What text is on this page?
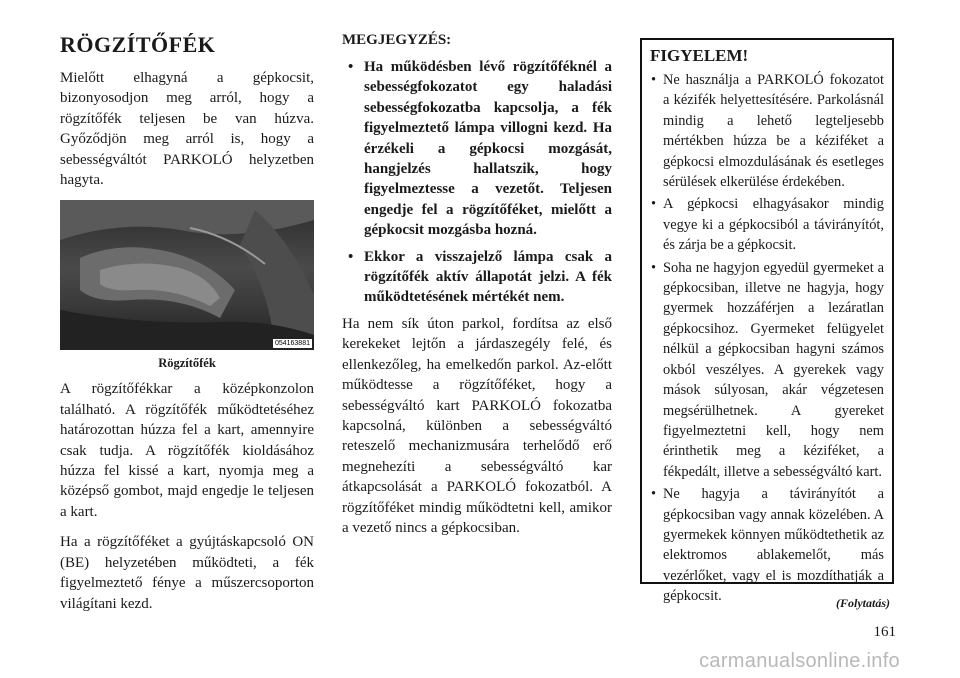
RÖGZÍTŐFÉK

Mielőtt elhagyná a gépkocsit, bizonyosodjon meg arról, hogy a rögzítőfék teljesen be van húzva. Győződjön meg arról is, hogy a sebességváltót PARKOLÓ helyzetben hagyta.

054163881
Rögzítőfék

A rögzítőfékkar a középkonzolon található. A rögzítőfék működtetéséhez határozottan húzza fel a kart, amennyire csak tudja. A rögzítőfék kioldásához húzza fel kissé a kart, nyomja meg a középső gombot, majd engedje le teljesen a kart.

Ha a rögzítőféket a gyújtáskapcsoló ON (BE) helyzetében működteti, a fék figyelmeztető fénye a műszercsoporton világítani kezd.

MEGJEGYZÉS:
• Ha működésben lévő rögzítőféknél a sebességfokozatot egy haladási sebességfokozatba kapcsolja, a fék figyelmeztető lámpa villogni kezd. Ha érzékeli a gépkocsi mozgását, hangjelzés hallatszik, hogy figyelmeztesse a vezetőt. Teljesen engedje fel a rögzítőféket, mielőtt a gépkocsit mozgásba hozná.
• Ekkor a visszajelző lámpa csak a rögzítőfék aktív állapotát jelzi. A fék működtetésének mértékét nem.

Ha nem sík úton parkol, fordítsa az első kerekeket lejtőn a járdaszegély felé, és ellenkezőleg, ha emelkedőn parkol. Az-előtt működtesse a rögzítőféket, hogy a sebességváltó kart PARKOLÓ fokozatba kapcsolná, különben a sebességváltó reteszelő mechanizmusára terhelődő erő megnehezíti a sebességváltó kar átkapcsolását a PARKOLÓ fokozatból. A rögzítőféket mindig működtetni kell, amikor a vezető nincs a gépkocsiban.

FIGYELEM!
• Ne használja a PARKOLÓ fokozatot a kézifék helyettesítésére. Parkolásnál mindig a lehető legteljesebb mértékben húzza be a kéziféket a gépkocsi elmozdulásának és esetleges sérülések elkerülése érdekében.
• A gépkocsi elhagyásakor mindig vegye ki a gépkocsiból a távirányítót, és zárja be a gépkocsit.
• Soha ne hagyjon egyedül gyermeket a gépkocsiban, illetve ne hagyja, hogy gyermek hozzáférjen a lezáratlan gépkocsihoz. Gyermeket felügyelet nélkül a gépkocsiban hagyni számos okból veszélyes. A gyerekek vagy mások súlyosan, akár végzetesen megsérülhetnek. A gyereket figyelmeztetni kell, hogy nem érinthetik meg a kéziféket, a fékpedált, illetve a sebességváltó kart.
• Ne hagyja a távirányítót a gépkocsiban vagy annak közelében. A gyermekek könnyen működtethetik az elektromos ablakemelőt, más vezérlőket, vagy el is mozdíthatják a gépkocsit.	(Folytatás)
161
carmanualsonline.info
